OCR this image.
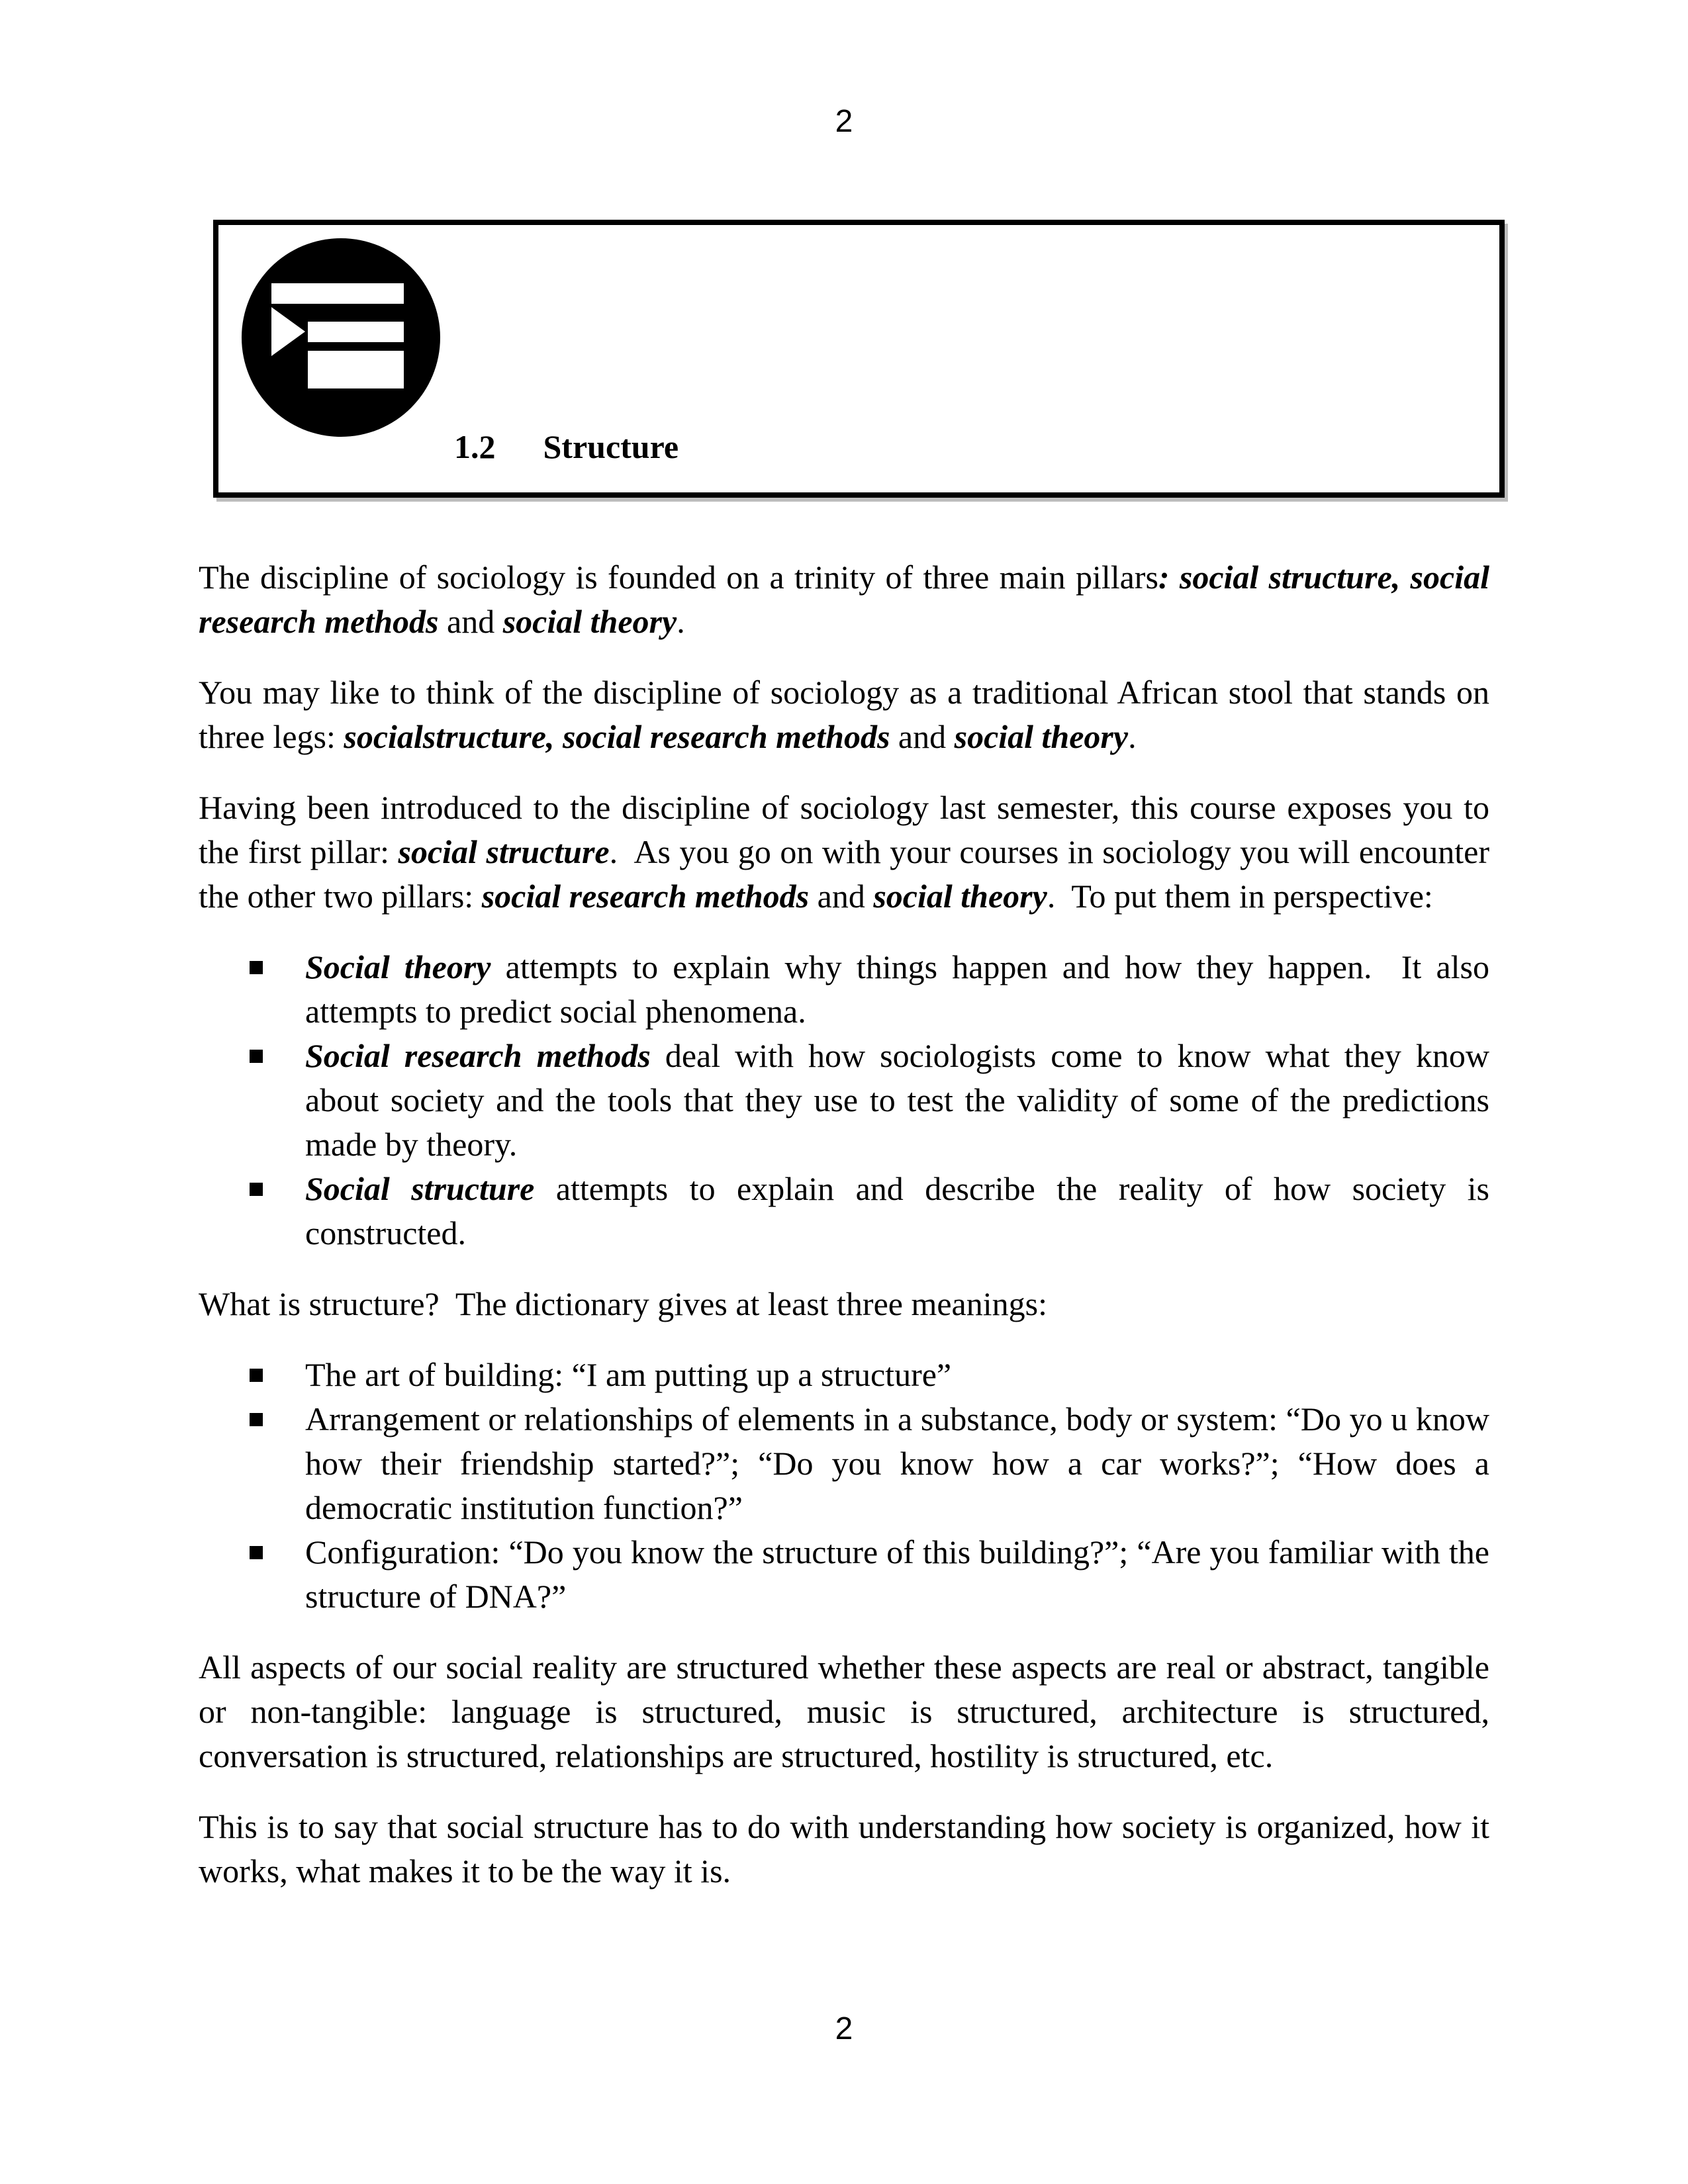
2
1.2 Structure

The discipline of sociology is founded on a trinity of three main pillars: social structure, social research methods and social theory.

You may like to think of the discipline of sociology as a traditional African stool that stands on three legs: socialstructure, social research methods and social theory.

Having been introduced to the discipline of sociology last semester, this course exposes you to the first pillar: social structure.  As you go on with your courses in sociology you will encounter the other two pillars: social research methods and social theory.  To put them in perspective:

Social theory attempts to explain why things happen and how they happen.  It also attempts to predict social phenomena.
Social research methods deal with how sociologists come to know what they know about society and the tools that they use to test the validity of some of the predictions made by theory.
Social structure attempts to explain and describe the reality of how society is constructed.

What is structure?  The dictionary gives at least three meanings:

The art of building: “I am putting up a structure”
Arrangement or relationships of elements in a substance, body or system: “Do yo u know how their friendship started?”; “Do you know how a car works?”; “How does a democratic institution function?”
Configuration: “Do you know the structure of this building?”; “Are you familiar with the structure of DNA?”

All aspects of our social reality are structured whether these aspects are real or abstract, tangible or non-tangible: language is structured, music is structured, architecture is structured, conversation is structured, relationships are structured, hostility is structured, etc.

This is to say that social structure has to do with understanding how society is organized, how it works, what makes it to be the way it is.

2
